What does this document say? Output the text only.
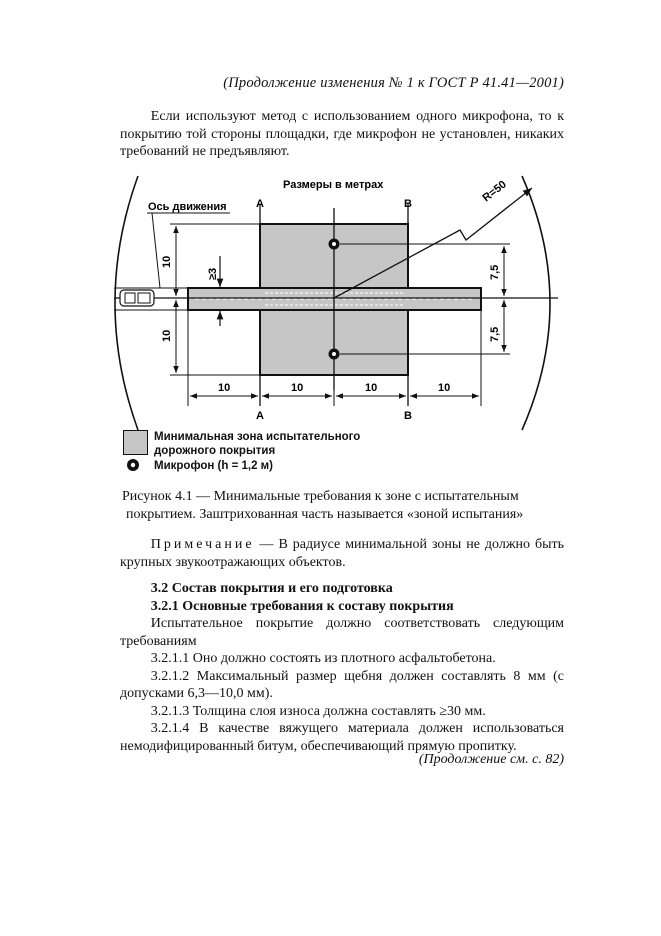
(Продолжение изменения № 1 к ГОСТ Р 41.41—2001)

Если используют метод с использованием одного микрофона, то к покрытию той стороны площадки, где микрофон не установлен, никаких требований не предъявляют.

R=50
Размеры в метрах
Ось движения	A	B
A	B
10
10
≥3	7,5
7,5
10	10	10	10
Минимальная зона испытательного
дорожного покрытия
Микрофон (h = 1,2 м)
Рисунок 4.1 — Минимальные требования к зоне с испытательным
покрытием. Заштрихованная часть называется «зоной испытания»

Примечание — В радиусе минимальной зоны не должно быть крупных звукоотражающих объектов.

3.2 Состав покрытия и его подготовка

3.2.1 Основные требования к составу покрытия

Испытательное покрытие должно соответствовать следующим требованиям

3.2.1.1 Оно должно состоять из плотного асфальтобетона.

3.2.1.2 Максимальный размер щебня должен составлять 8 мм (с допусками 6,3—10,0 мм).

3.2.1.3 Толщина слоя износа должна составлять ≥30 мм.

3.2.1.4 В качестве вяжущего материала должен использоваться немодифицированный битум, обеспечивающий прямую пропитку.

(Продолжение см. с. 82)
